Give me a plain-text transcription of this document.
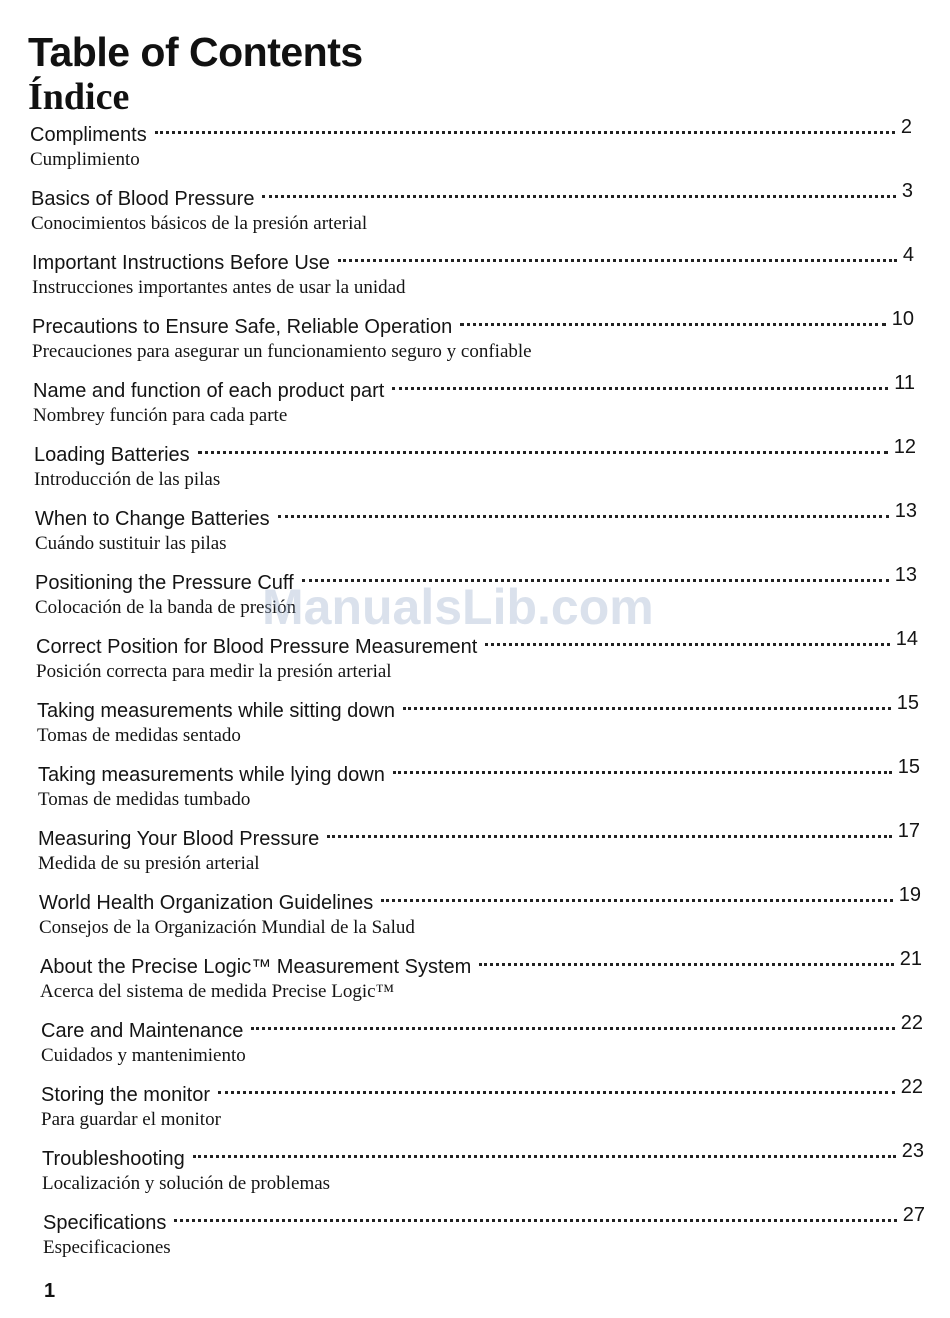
Table of Contents
Índice
Compliments	2
Cumplimiento
Basics of Blood Pressure	3
Conocimientos básicos de la presión arterial
Important Instructions Before Use	4
Instrucciones importantes antes de usar la unidad
Precautions to Ensure Safe, Reliable Operation	10
Precauciones para asegurar un funcionamiento seguro y confiable
Name and function of each product part	11
Nombrey función para cada parte
Loading Batteries	12
Introducción de las pilas
When to Change Batteries	13
Cuándo sustituir las pilas
Positioning the Pressure Cuff	13
Colocación de la banda de presión
Correct Position for Blood Pressure Measurement	14
Posición correcta para medir la presión arterial
Taking measurements while sitting down	15
Tomas de medidas sentado
Taking measurements while lying down	15
Tomas de medidas tumbado
Measuring Your Blood Pressure	17
Medida de su presión arterial
World Health Organization Guidelines	19
Consejos de la Organización Mundial de la Salud
About the Precise Logic™ Measurement System	21
Acerca del sistema de medida Precise Logic™
Care and Maintenance	22
Cuidados y mantenimiento
Storing the monitor	22
Para guardar el monitor
Troubleshooting	23
Localización y solución de problemas
Specifications	27
Especificaciones
ManualsLib.com
1
